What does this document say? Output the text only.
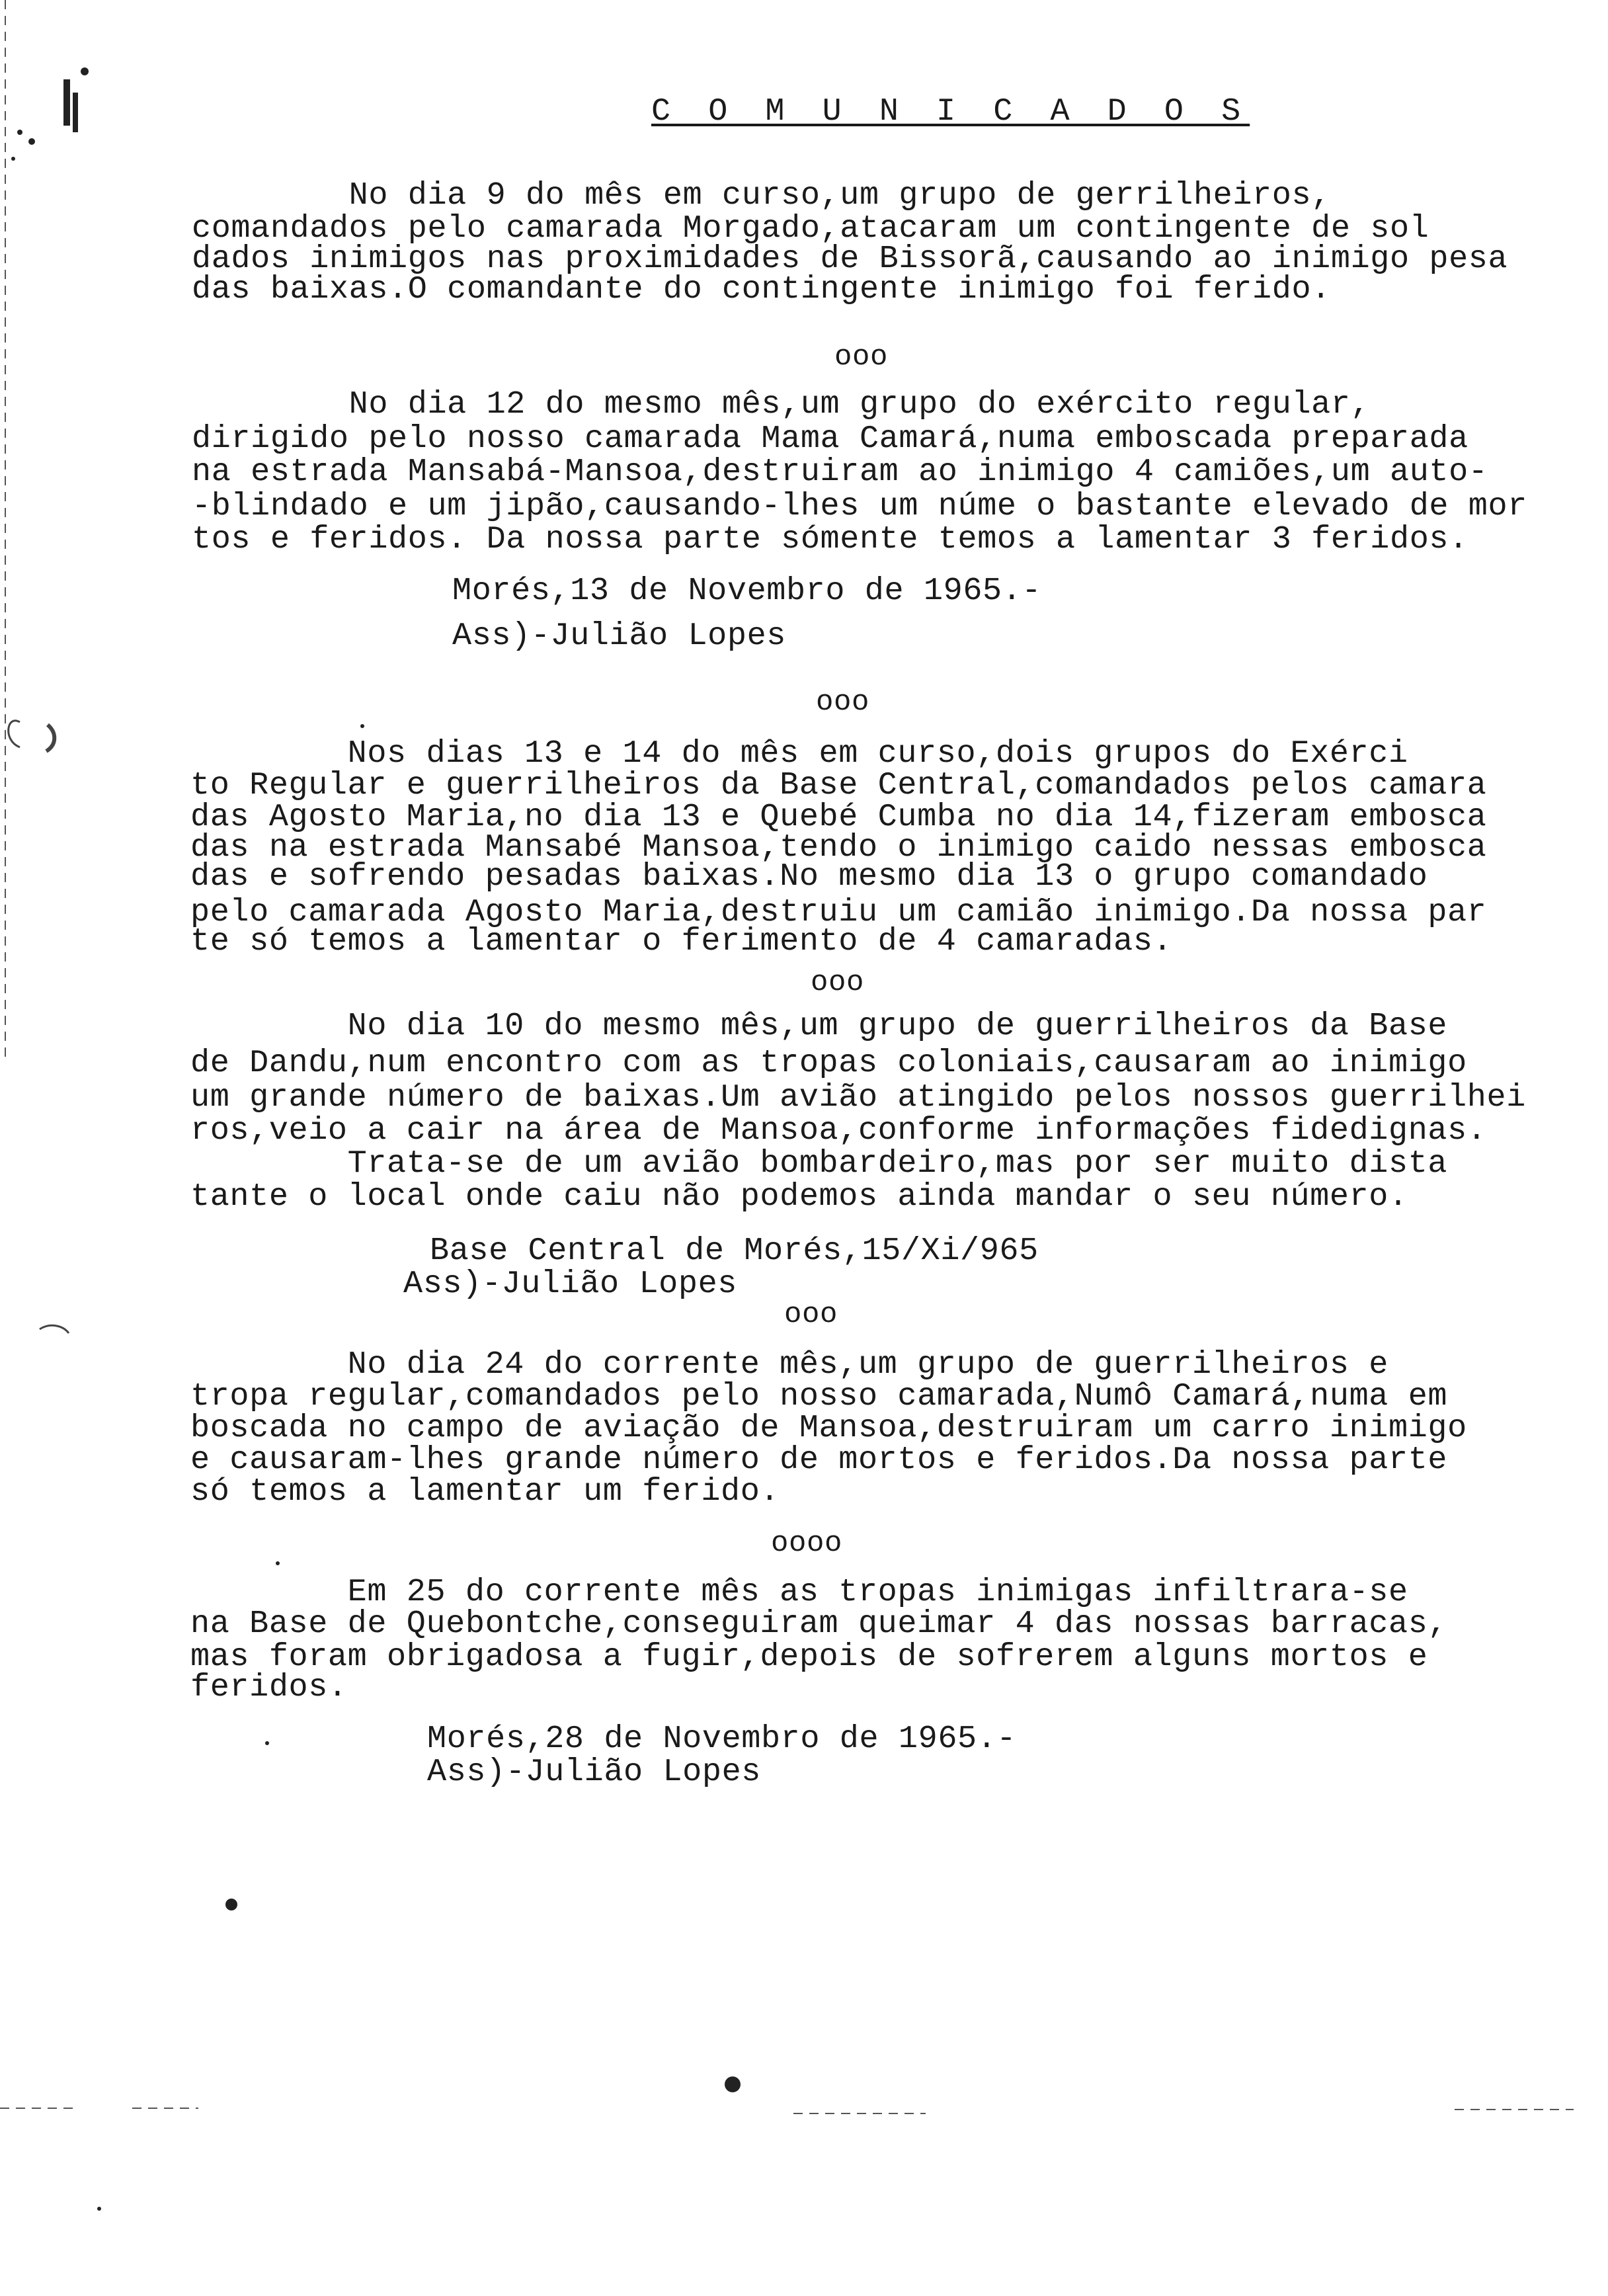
C O M U N I C A D O S
No dia 9 do mês em curso,um grupo de gerrilheiros,
comandados pelo camarada Morgado,atacaram um contingente de sol
dados inimigos nas proximidades de Bissorã,causando ao inimigo pesa
das baixas.O comandante do contingente inimigo foi ferido.
ooo
No dia 12 do mesmo mês,um grupo do exército regular,
dirigido pelo nosso camarada Mama Camará,numa emboscada preparada
na estrada Mansabá-Mansoa,destruiram ao inimigo 4 camiões,um auto-
-blindado e um jipão,causando-lhes um núme o bastante elevado de mor
tos e feridos. Da nossa parte sómente temos a lamentar 3 feridos.
Morés,13 de Novembro de 1965.-
Ass)-Julião Lopes
ooo
Nos dias 13 e 14 do mês em curso,dois grupos do Exérci
to Regular e guerrilheiros da Base Central,comandados pelos camara
das Agosto Maria,no dia 13 e Quebé Cumba no dia 14,fizeram embosca
das na estrada Mansabé Mansoa,tendo o inimigo caido nessas embosca
das e sofrendo pesadas baixas.No mesmo dia 13 o grupo comandado
pelo camarada Agosto Maria,destruiu um camião inimigo.Da nossa par
te só temos a lamentar o ferimento de 4 camaradas.
ooo
No dia 10 do mesmo mês,um grupo de guerrilheiros da Base
de Dandu,num encontro com as tropas coloniais,causaram ao inimigo
um grande número de baixas.Um avião atingido pelos nossos guerrilhei
ros,veio a cair na área de Mansoa,conforme informações fidedignas.
Trata-se de um avião bombardeiro,mas por ser muito dista
tante o local onde caiu não podemos ainda mandar o seu número.
Base Central de Morés,15/Xi/965
Ass)-Julião Lopes
ooo
No dia 24 do corrente mês,um grupo de guerrilheiros e
tropa regular,comandados pelo nosso camarada,Numô Camará,numa em
boscada no campo de aviação de Mansoa,destruiram um carro inimigo
e causaram-lhes grande número de mortos e feridos.Da nossa parte
só temos a lamentar um ferido.
oooo
Em 25 do corrente mês as tropas inimigas infiltrara-se
na Base de Quebontche,conseguiram queimar 4 das nossas barracas,
mas foram obrigadosa a fugir,depois de sofrerem alguns mortos e
feridos.
Morés,28 de Novembro de 1965.-
Ass)-Julião Lopes
